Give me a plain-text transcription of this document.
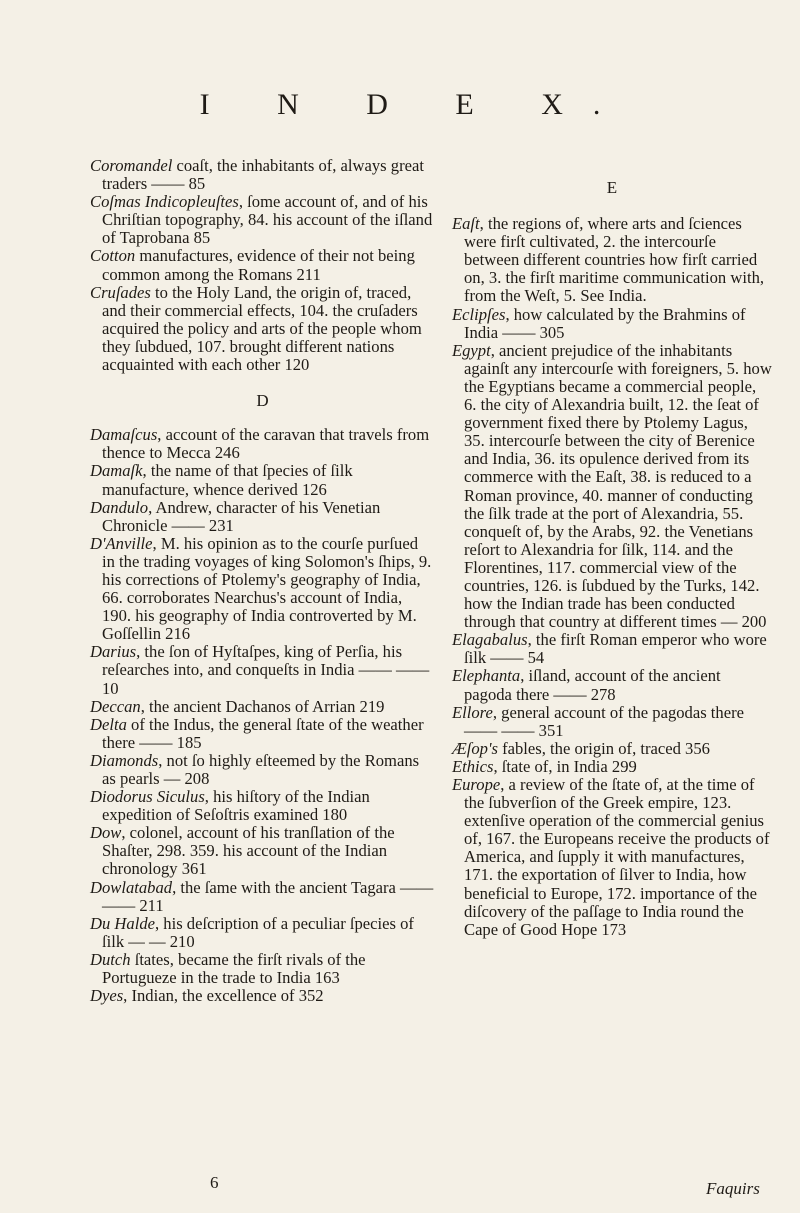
I N D E X.

Coromandel coaſt, the inhabitants of, always great traders —— 85

Coſmas Indicopleuſtes, ſome account of, and of his Chriſtian topography, 84. his account of the iſland of Taprobana 85

Cotton manufactures, evidence of their not being common among the Romans 211

Cruſades to the Holy Land, the origin of, traced, and their commercial effects, 104. the cruſaders acquired the policy and arts of the people whom they ſubdued, 107. brought different nations acquainted with each other 120

D

Damaſcus, account of the caravan that travels from thence to Mecca 246

Damaſk, the name of that ſpecies of ſilk manufacture, whence derived 126

Dandulo, Andrew, character of his Venetian Chronicle —— 231

D'Anville, M. his opinion as to the courſe purſued in the trading voyages of king Solomon's ſhips, 9. his corrections of Ptolemy's geography of India, 66. corroborates Nearchus's account of India, 190. his geography of India controverted by M. Goſſellin 216

Darius, the ſon of Hyſtaſpes, king of Perſia, his reſearches into, and conqueſts in India —— —— 10

Deccan, the ancient Dachanos of Arrian 219

Delta of the Indus, the general ſtate of the weather there —— 185

Diamonds, not ſo highly eſteemed by the Romans as pearls — 208

Diodorus Siculus, his hiſtory of the Indian expedition of Seſoſtris examined 180

Dow, colonel, account of his tranſlation of the Shaſter, 298. 359. his account of the Indian chronology 361

Dowlatabad, the ſame with the ancient Tagara —— —— 211

Du Halde, his deſcription of a peculiar ſpecies of ſilk — — 210

Dutch ſtates, became the firſt rivals of the Portugueze in the trade to India 163

Dyes, Indian, the excellence of 352

E

Eaſt, the regions of, where arts and ſciences were firſt cultivated, 2. the intercourſe between different countries how firſt carried on, 3. the firſt maritime communication with, from the Weſt, 5. See India.

Eclipſes, how calculated by the Brahmins of India —— 305

Egypt, ancient prejudice of the inhabitants againſt any intercourſe with foreigners, 5. how the Egyptians became a commercial people, 6. the city of Alexandria built, 12. the ſeat of government fixed there by Ptolemy Lagus, 35. intercourſe between the city of Berenice and India, 36. its opulence derived from its commerce with the Eaſt, 38. is reduced to a Roman province, 40. manner of conducting the ſilk trade at the port of Alexandria, 55. conqueſt of, by the Arabs, 92. the Venetians reſort to Alexandria for ſilk, 114. and the Florentines, 117. commercial view of the countries, 126. is ſubdued by the Turks, 142. how the Indian trade has been conducted through that country at different times — 200

Elagabalus, the firſt Roman emperor who wore ſilk —— 54

Elephanta, iſland, account of the ancient pagoda there —— 278

Ellore, general account of the pagodas there —— —— 351

Æſop's fables, the origin of, traced 356

Ethics, ſtate of, in India 299

Europe, a review of the ſtate of, at the time of the ſubverſion of the Greek empire, 123. extenſive operation of the commercial genius of, 167. the Europeans receive the products of America, and ſupply it with manufactures, 171. the exportation of ſilver to India, how beneficial to Europe, 172. importance of the diſcovery of the paſſage to India round the Cape of Good Hope 173

6	Faquirs
